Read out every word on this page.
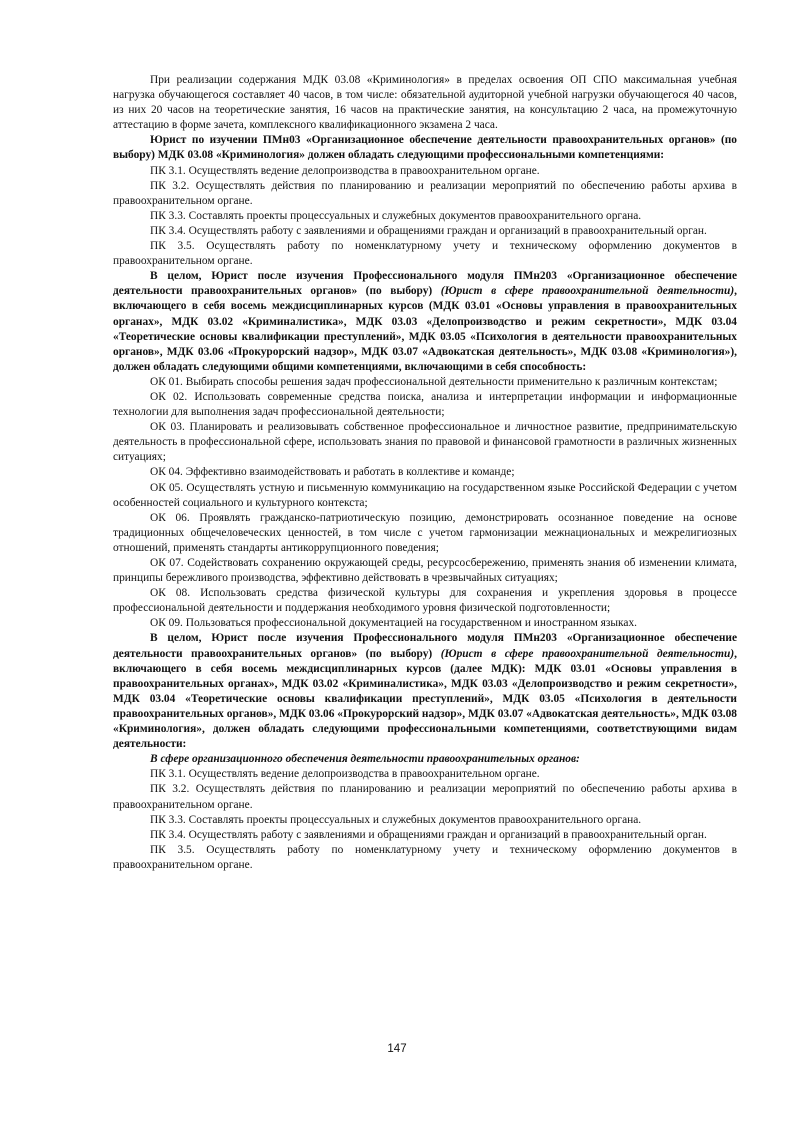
При реализации содержания МДК 03.08 «Криминология» в пределах освоения ОП СПО максимальная учебная нагрузка обучающегося составляет 40 часов, в том числе: обязательной аудиторной учебной нагрузки обучающегося 40 часов, из них 20 часов на теоретические занятия, 16 часов на практические занятия, на консультацию 2 часа, на промежуточную аттестацию в форме зачета, комплексного квалификационного экзамена 2 часа.

Юрист по изучении ПМн03 «Организационное обеспечение деятельности правоохранительных органов» (по выбору) МДК 03.08 «Криминология» должен обладать следующими профессиональными компетенциями:

ПК 3.1. Осуществлять ведение делопроизводства в правоохранительном органе.

ПК 3.2. Осуществлять действия по планированию и реализации мероприятий по обеспечению работы архива в правоохранительном органе.

ПК 3.3. Составлять проекты процессуальных и служебных документов правоохранительного органа.

ПК 3.4. Осуществлять работу с заявлениями и обращениями граждан и организаций в правоохранительный орган.

ПК 3.5. Осуществлять работу по номенклатурному учету и техническому оформлению документов в правоохранительном органе.

В целом, Юрист после изучения Профессионального модуля ПМн203 «Организационное обеспечение деятельности правоохранительных органов» (по выбору) (Юрист в сфере правоохранительной деятельности), включающего в себя восемь междисциплинарных курсов (МДК 03.01 «Основы управления в правоохранительных органах», МДК 03.02 «Криминалистика», МДК 03.03 «Делопроизводство и режим секретности», МДК 03.04 «Теоретические основы квалификации преступлений», МДК 03.05 «Психология в деятельности правоохранительных органов», МДК 03.06 «Прокурорский надзор», МДК 03.07 «Адвокатская деятельность», МДК 03.08 «Криминология»), должен обладать следующими общими компетенциями, включающими в себя способность:

ОК 01. Выбирать способы решения задач профессиональной деятельности применительно к различным контекстам;

ОК 02. Использовать современные средства поиска, анализа и интерпретации информации и информационные технологии для выполнения задач профессиональной деятельности;

ОК 03. Планировать и реализовывать собственное профессиональное и личностное развитие, предпринимательскую деятельность в профессиональной сфере, использовать знания по правовой и финансовой грамотности в различных жизненных ситуациях;

ОК 04. Эффективно взаимодействовать и работать в коллективе и команде;

ОК 05. Осуществлять устную и письменную коммуникацию на государственном языке Российской Федерации с учетом особенностей социального и культурного контекста;

ОК 06. Проявлять гражданско-патриотическую позицию, демонстрировать осознанное поведение на основе традиционных общечеловеческих ценностей, в том числе с учетом гармонизации межнациональных и межрелигиозных отношений, применять стандарты антикоррупционного поведения;

ОК 07. Содействовать сохранению окружающей среды, ресурсосбережению, применять знания об изменении климата, принципы бережливого производства, эффективно действовать в чрезвычайных ситуациях;

ОК 08. Использовать средства физической культуры для сохранения и укрепления здоровья в процессе профессиональной деятельности и поддержания необходимого уровня физической подготовленности;

ОК 09. Пользоваться профессиональной документацией на государственном и иностранном языках.

В целом, Юрист после изучения Профессионального модуля ПМн203 «Организационное обеспечение деятельности правоохранительных органов» (по выбору) (Юрист в сфере правоохранительной деятельности), включающего в себя восемь междисциплинарных курсов (далее МДК): МДК 03.01 «Основы управления в правоохранительных органах», МДК 03.02 «Криминалистика», МДК 03.03 «Делопроизводство и режим секретности», МДК 03.04 «Теоретические основы квалификации преступлений», МДК 03.05 «Психология в деятельности правоохранительных органов», МДК 03.06 «Прокурорский надзор», МДК 03.07 «Адвокатская деятельность», МДК 03.08 «Криминология», должен обладать следующими профессиональными компетенциями, соответствующими видам деятельности:

В сфере организационного обеспечения деятельности правоохранительных органов:

ПК 3.1. Осуществлять ведение делопроизводства в правоохранительном органе.

ПК 3.2. Осуществлять действия по планированию и реализации мероприятий по обеспечению работы архива в правоохранительном органе.

ПК 3.3. Составлять проекты процессуальных и служебных документов правоохранительного органа.

ПК 3.4. Осуществлять работу с заявлениями и обращениями граждан и организаций в правоохранительный орган.

ПК 3.5. Осуществлять работу по номенклатурному учету и техническому оформлению документов в правоохранительном органе.

147
